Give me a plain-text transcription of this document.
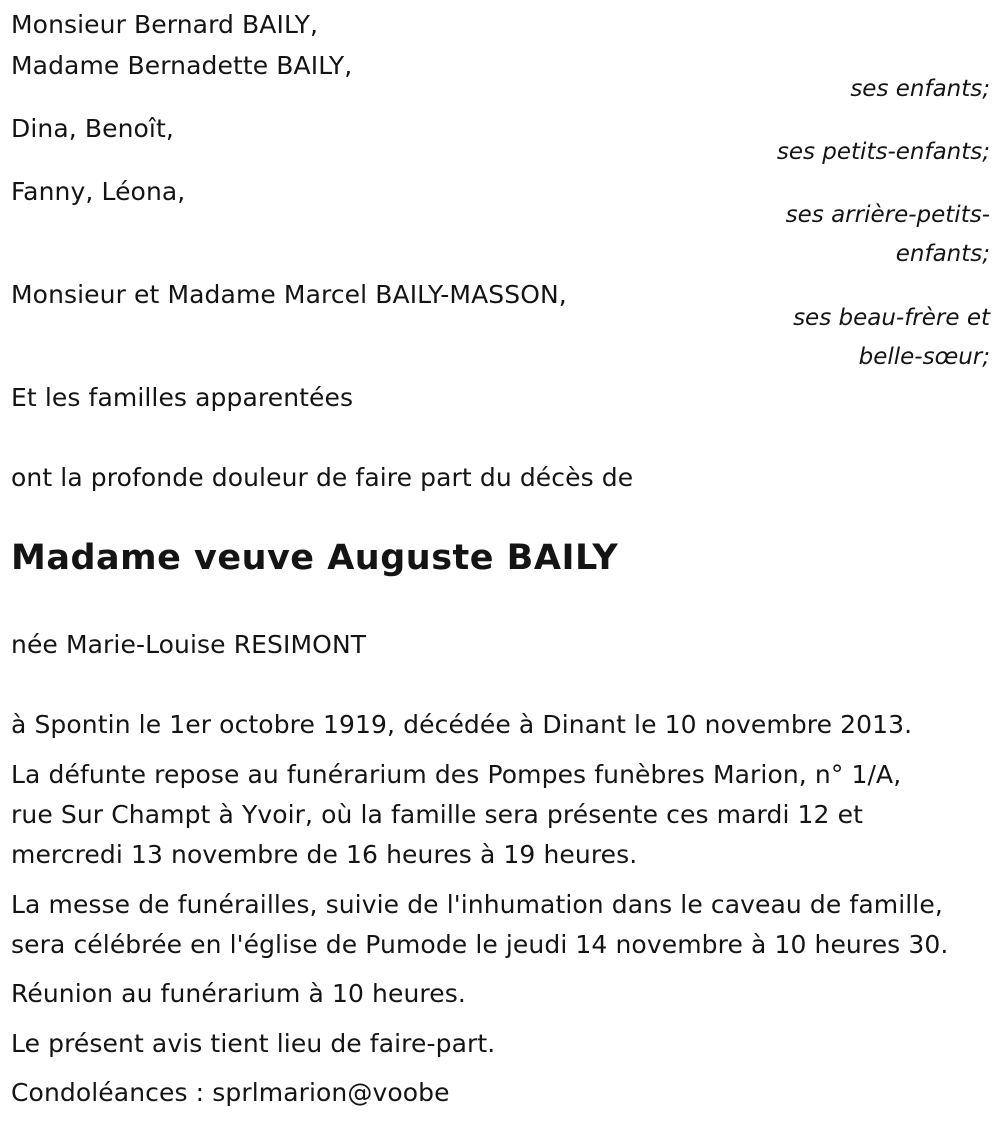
Monsieur Bernard BAILY,
Madame Bernadette BAILY,
ses enfants;
Dina, Benoît,
ses petits-enfants;
Fanny, Léona,
ses arrière-petits-
enfants;
Monsieur et Madame Marcel BAILY-MASSON,
ses beau-frère et
belle-sœur;
Et les familles apparentées
ont la profonde douleur de faire part du décès de
Madame veuve Auguste BAILY
née Marie-Louise RESIMONT
à Spontin le 1er octobre 1919, décédée à Dinant le 10 novembre 2013.
La défunte repose au funérarium des Pompes funèbres Marion, n° 1/A,
rue Sur Champt à Yvoir, où la famille sera présente ces mardi 12 et
mercredi 13 novembre de 16 heures à 19 heures.
La messe de funérailles, suivie de l'inhumation dans le caveau de famille,
sera célébrée en l'église de Pumode le jeudi 14 novembre à 10 heures 30.
Réunion au funérarium à 10 heures.
Le présent avis tient lieu de faire-part.
Condoléances : sprlmarion@voobe
